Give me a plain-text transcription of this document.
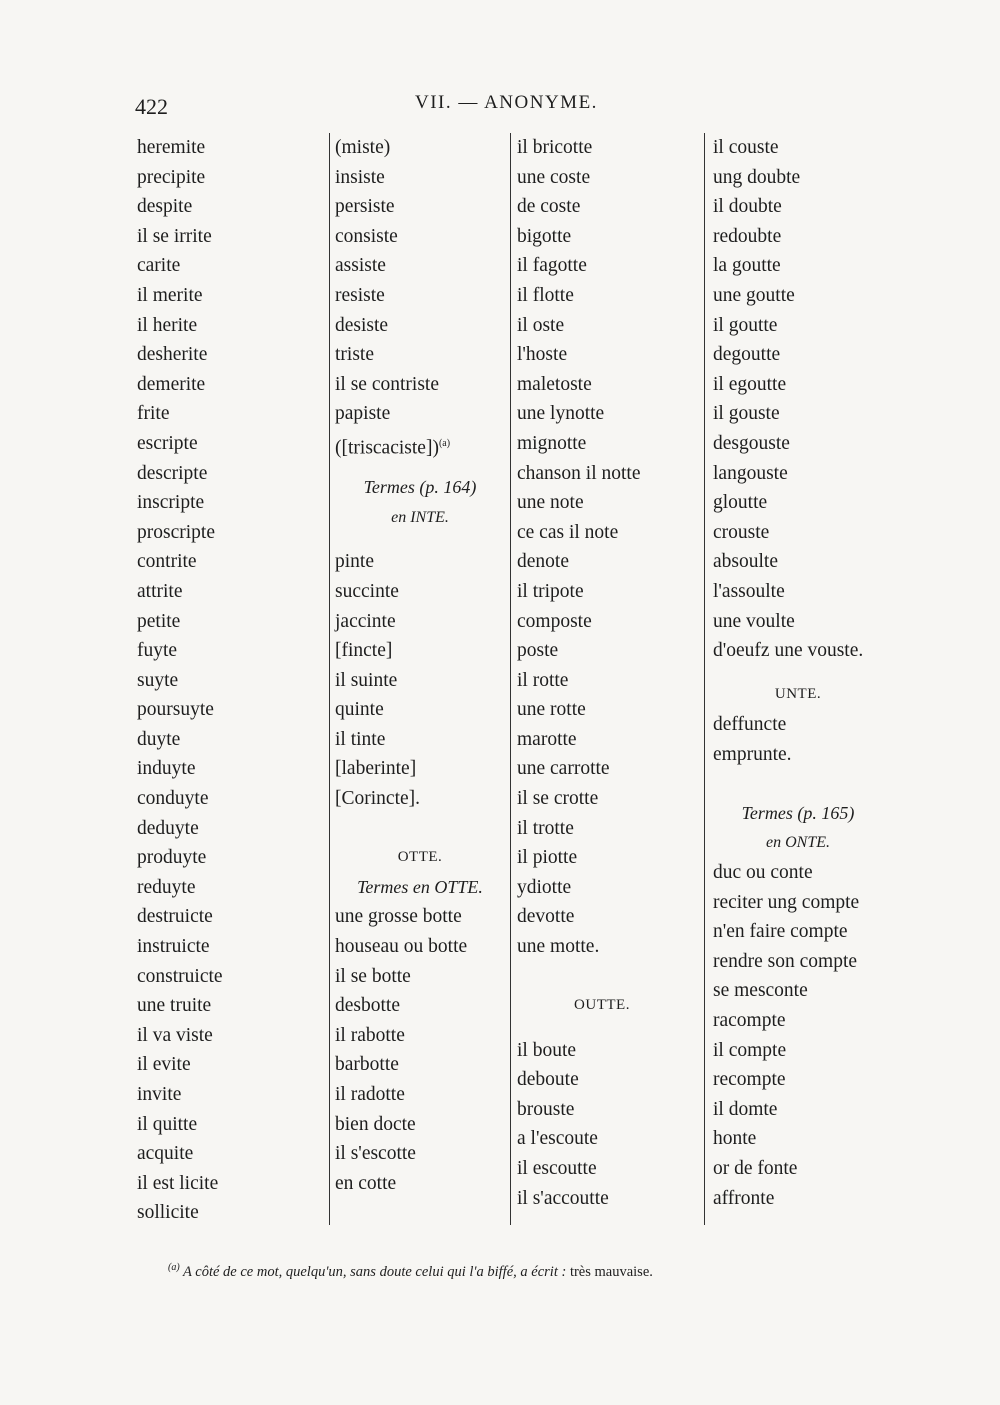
422	VII. — ANONYME.
heremite
precipite
despite
il se irrite
carite
il merite
il herite
desherite
demerite
frite
escripte
descripte
inscripte
proscripte
contrite
attrite
petite
fuyte
suyte
poursuyte
duyte
induyte
conduyte
deduyte
produyte
reduyte
destruicte
instruicte
construicte
une truite
il va viste
il evite
invite
il quitte
acquite
il est licite
sollicite
(miste)
insiste
persiste
consiste
assiste
resiste
desiste
triste
il se contriste
papiste
([triscaciste])$^{(a)}$
Termes (p. 164)
en INTE.
pinte
succinte
jaccinte
[fincte]
il suinte
quinte
il tinte
[laberinte]
[Corincte].
OTTE.
Termes en OTTE.
une grosse botte
houseau ou botte
il se botte
desbotte
il rabotte
barbotte
il radotte
bien docte
il s'escotte
en cotte
il bricotte
une coste
de coste
bigotte
il fagotte
il flotte
il oste
l'hoste
maletoste
une lynotte
mignotte
chanson il notte
une note
ce cas il note
denote
il tripote
composte
poste
il rotte
une rotte
marotte
une carrotte
il se crotte
il trotte
il piotte
ydiotte
devotte
une motte.
OUTTE.
il boute
deboute
brouste
a l'escoute
il escoutte
il s'accoutte
il couste
ung doubte
il doubte
redoubte
la goutte
une goutte
il goutte
degoutte
il egoutte
il gouste
desgouste
langouste
gloutte
crouste
absoulte
l'assoulte
une voulte
d'oeufz une vouste.
UNTE.
deffuncte
emprunte.
Termes (p. 165)
en ONTE.
duc ou conte
reciter ung compte
n'en faire compte
rendre son compte
se mesconte
racompte
il compte
recompte
il domte
honte
or de fonte
affronte
$^{(a)}$ A côté de ce mot, quelqu'un, sans doute celui qui l'a biffé, a écrit : très mauvaise.
